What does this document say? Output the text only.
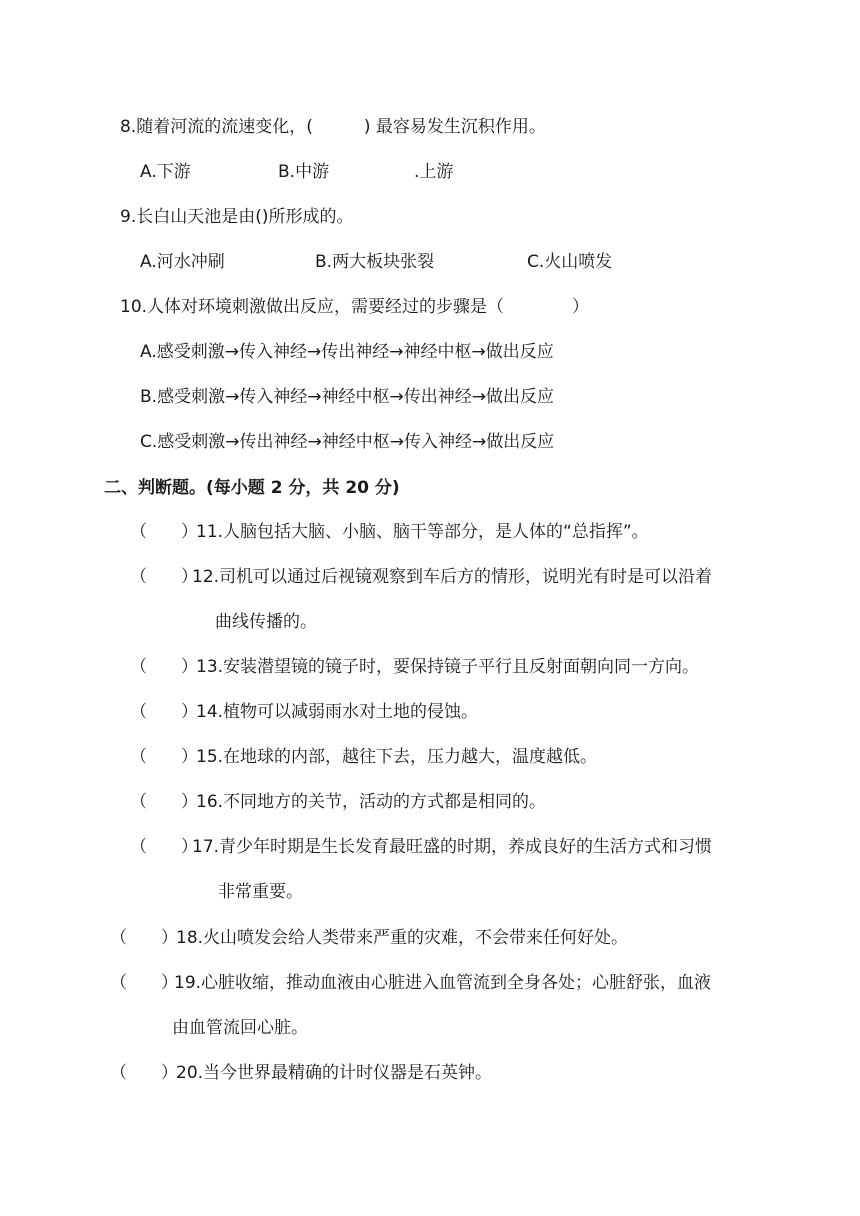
8.随着河流的流速变化，(　　　) 最容易发生沉积作用。
A.下游	B.中游	.上游
9.长白山天池是由()所形成的。
A.河水冲刷	B.两大板块张裂	C.火山喷发
10.人体对环境刺激做出反应，需要经过的步骤是（　　　　）
A.感受刺激→传入神经→传出神经→神经中枢→做出反应
B.感受刺激→传入神经→神经中枢→传出神经→做出反应
C.感受刺激→传出神经→神经中枢→传入神经→做出反应
二、判断题。(每小题 2 分，共 20 分)
（　　）
11.人脑包括大脑、小脑、脑干等部分，是人体的“总指挥”。
（　　）
12.司机可以通过后视镜观察到车后方的情形，说明光有时是可以沿着
曲线传播的。
（　　）
13.安装潜望镜的镜子时，要保持镜子平行且反射面朝向同一方向。
（　　）
14.植物可以减弱雨水对土地的侵蚀。
（　　）
15.在地球的内部，越往下去，压力越大，温度越低。
（　　）
16.不同地方的关节，活动的方式都是相同的。
（　　）
17.青少年时期是生长发育最旺盛的时期，养成良好的生活方式和习惯
非常重要。
（　　）
18.火山喷发会给人类带来严重的灾难，不会带来任何好处。
（　　）
19.心脏收缩，推动血液由心脏进入血管流到全身各处；心脏舒张，血液
由血管流回心脏。
（　　）
20.当今世界最精确的计时仪器是石英钟。
